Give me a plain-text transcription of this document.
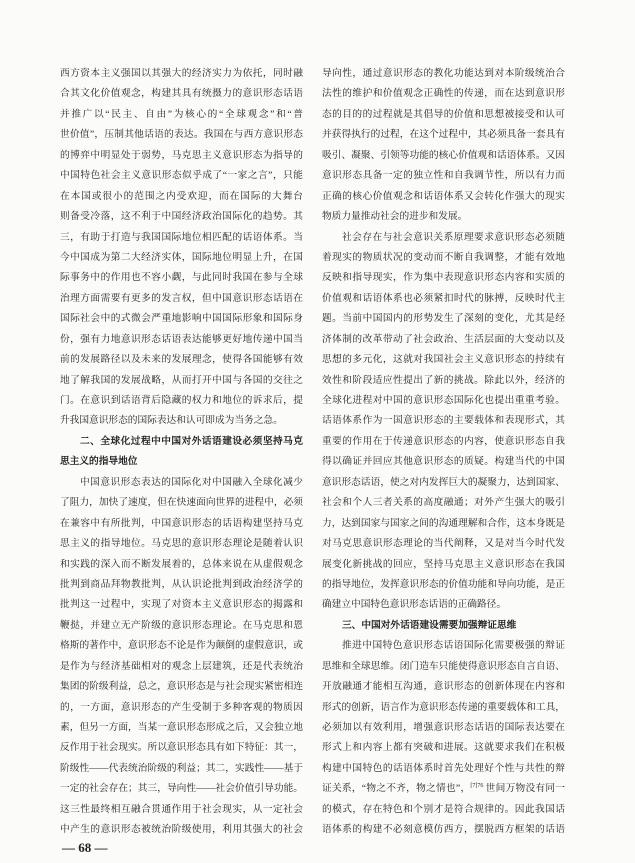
西方资本主义强国以其强大的经济实力为依托，同时融
合其文化价值观念，构建其具有统摄力的意识形态话语
并推广以“民主、自由”为核心的“全球观念”和“普
世价值”，压制其他话语的表达。我国在与西方意识形态
的博弈中明显处于弱势，马克思主义意识形态为指导的
中国特色社会主义意识形态似乎成了“一家之言”，只能
在本国或很小的范围之内受欢迎，而在国际的大舞台
则备受冷落，这不利于中国经济政治国际化的趋势。其
三，有助于打造与我国国际地位相匹配的话语体系。当
今中国成为第二大经济实体，国际地位明显上升，在国
际事务中的作用也不容小觑，与此同时我国在参与全球
治理方面需要有更多的发言权，但中国意识形态话语在
国际社会中的式微会严重地影响中国国际形象和国际身
份，强有力地意识形态话语表达能够更好地传递中国当
前的发展路径以及未来的发展理念，使得各国能够有效
地了解我国的发展战略，从而打开中国与各国的交往之
门。在意识到话语背后隐藏的权力和地位的诉求后，提
升我国意识形态的国际表达和认可即成为当务之急。
二、全球化过程中中国对外话语建设必须坚持马克
思主义的指导地位
中国意识形态表达的国际化对中国融入全球化减少
了阻力，加快了速度，但在快速面向世界的进程中，必须
在兼容中有所批判，中国意识形态的话语构建坚持马克
思主义的指导地位。马克思的意识形态理论是随着认识
和实践的深入而不断发展着的，总体来说在从虚假观念
批判到商品拜物教批判，从认识论批判到政治经济学的
批判这一过程中，实现了对资本主义意识形态的揭露和
鞭挞，并建立无产阶级的意识形态理论。在马克思和恩
格斯的著作中，意识形态不论是作为颠倒的虚假意识，或
是作为与经济基础相对的观念上层建筑，还是代表统治
集团的阶级利益，总之，意识形态是与社会现实紧密相连
的，一方面，意识形态的产生受制于多种客观的物质因
素，但另一方面，当某一意识形态形成之后，又会独立地
反作用于社会现实。所以意识形态具有如下特征：其一，
阶级性——代表统治阶级的利益；其二，实践性——基于
一定的社会存在；其三，导向性——社会价值引导功能。
这三性最终相互融合贯通作用于社会现实，从一定社会
中产生的意识形态被统治阶级使用，利用其强大的社会
导向性，通过意识形态的教化功能达到对本阶级统治合
法性的维护和价值观念正确性的传递，而在达到意识形
态的目的的过程就是其倡导的价值和思想被接受和认可
并获得执行的过程，在这个过程中，其必须具备一套具有
吸引、凝聚、引领等功能的核心价值观和话语体系。又因
意识形态具备一定的独立性和自我调节性，所以有力而
正确的核心价值观念和话语体系又会转化作强大的现实
物质力量推动社会的进步和发展。
社会存在与社会意识关系原理要求意识形态必须随
着现实的物质状况的变动而不断自我调整，才能有效地
反映和指导现实，作为集中表现意识形态内容和实质的
价值观和话语体系也必须紧扣时代的脉搏，反映时代主
题。当前中国国内的形势发生了深刻的变化，尤其是经
济体制的改革带动了社会政治、生活层面的大变动以及
思想的多元化，这就对我国社会主义意识形态的持续有
效性和阶段适应性提出了新的挑战。除此以外，经济的
全球化进程对中国的意识形态国际化也提出重重考验。
话语体系作为一国意识形态的主要载体和表现形式，其
重要的作用在于传递意识形态的内容，使意识形态自我
得以确证并回应其他意识形态的质疑。构建当代的中国
意识形态话语，使之对内发挥巨大的凝聚力，达到国家、
社会和个人三者关系的高度融通；对外产生强大的吸引
力，达到国家与国家之间的沟通理解和合作，这本身既是
对马克思意识形态理论的当代阐释，又是对当今时代发
展变化新挑战的回应，坚持马克思主义意识形态在我国
的指导地位，发挥意识形态的价值功能和导向功能，是正
确建立中国特色意识形态话语的正确路径。
三、中国对外话语建设需要加强辩证思维
推进中国特色意识形态话语国际化需要极强的辩证
思维和全球思维。闭门造车只能使得意识形态自言自语、
开放融通才能相互沟通，意识形态的创新体现在内容和
形式的创新，语言作为意识形态传递的重要载体和工具，
必须加以有效利用，增强意识形态话语的国际表达要在
形式上和内容上都有突破和进展。这就要求我们在积极
构建中国特色的话语体系时首先处理好个性与共性的辩
证关系，“物之不齐，物之情也”，$^{[7]76}$ 世间万物没有同一
的模式，存在特色和个别才是符合规律的。因此我国话
语体系的构建不必刻意模仿西方，摆脱西方框架的话语
— 68 —
